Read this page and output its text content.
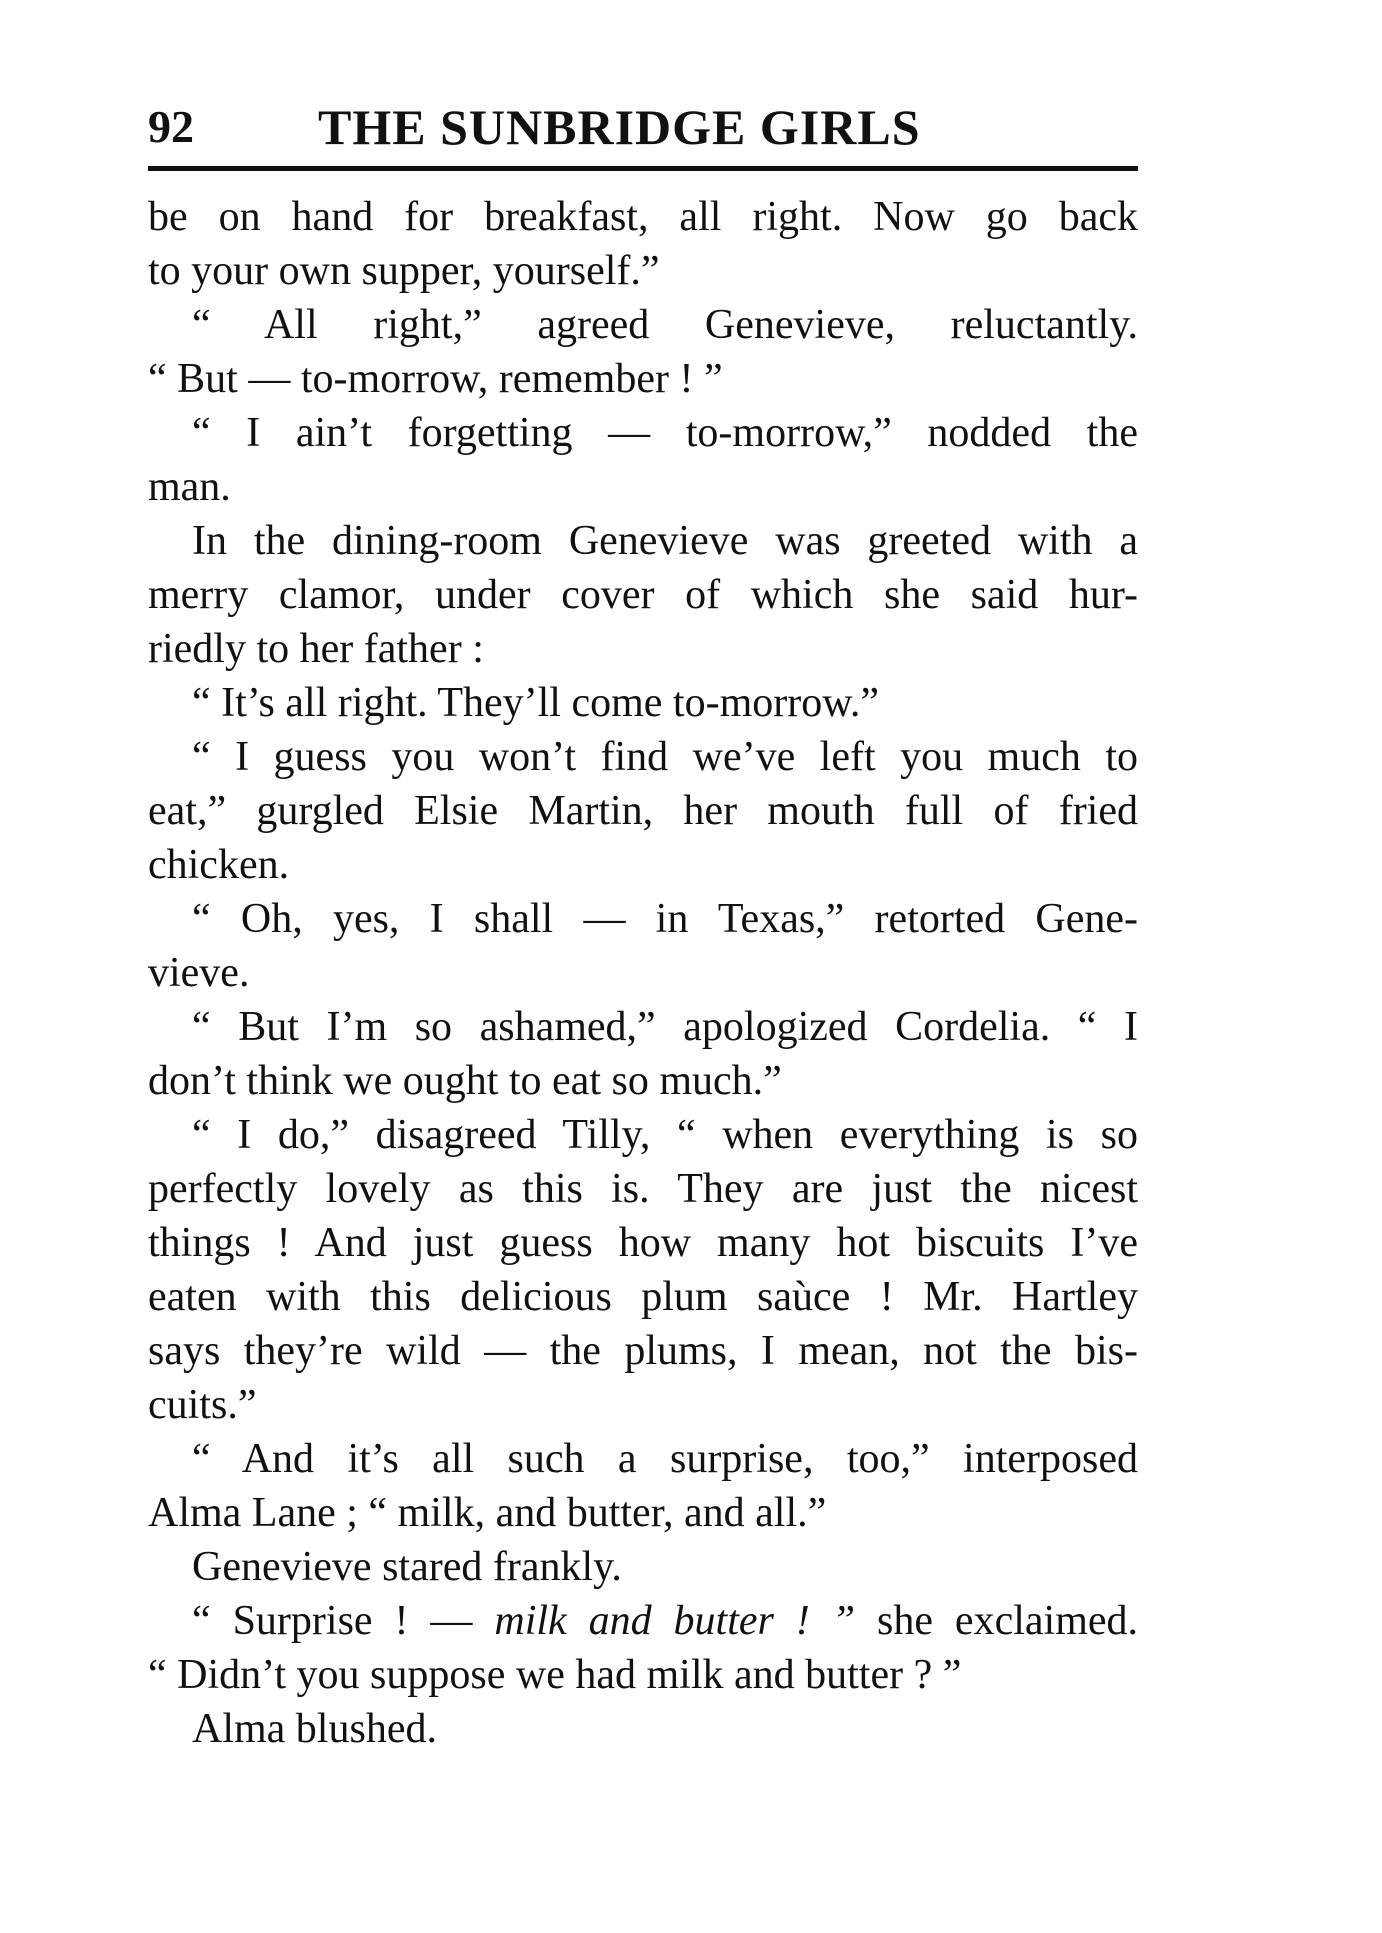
92 THE SUNBRIDGE GIRLS
be on hand for breakfast, all right. Now go back
to your own supper, yourself.”
“ All right,” agreed Genevieve, reluctantly.
“ But — to-morrow, remember ! ”
“ I ain’t forgetting — to-morrow,” nodded the
man.
In the dining-room Genevieve was greeted with a
merry clamor, under cover of which she said hur-
riedly to her father :
“ It’s all right. They’ll come to-morrow.”
“ I guess you won’t find we’ve left you much to
eat,” gurgled Elsie Martin, her mouth full of fried
chicken.
“ Oh, yes, I shall — in Texas,” retorted Gene-
vieve.
“ But I’m so ashamed,” apologized Cordelia. “ I
don’t think we ought to eat so much.”
“ I do,” disagreed Tilly, “ when everything is so
perfectly lovely as this is. They are just the nicest
things ! And just guess how many hot biscuits I’ve
eaten with this delicious plum saùce ! Mr. Hartley
says they’re wild — the plums, I mean, not the bis-
cuits.”
“ And it’s all such a surprise, too,” interposed
Alma Lane ; “ milk, and butter, and all.”
Genevieve stared frankly.
“ Surprise ! — milk and butter ! ” she exclaimed.
“ Didn’t you suppose we had milk and butter ? ”
Alma blushed.
